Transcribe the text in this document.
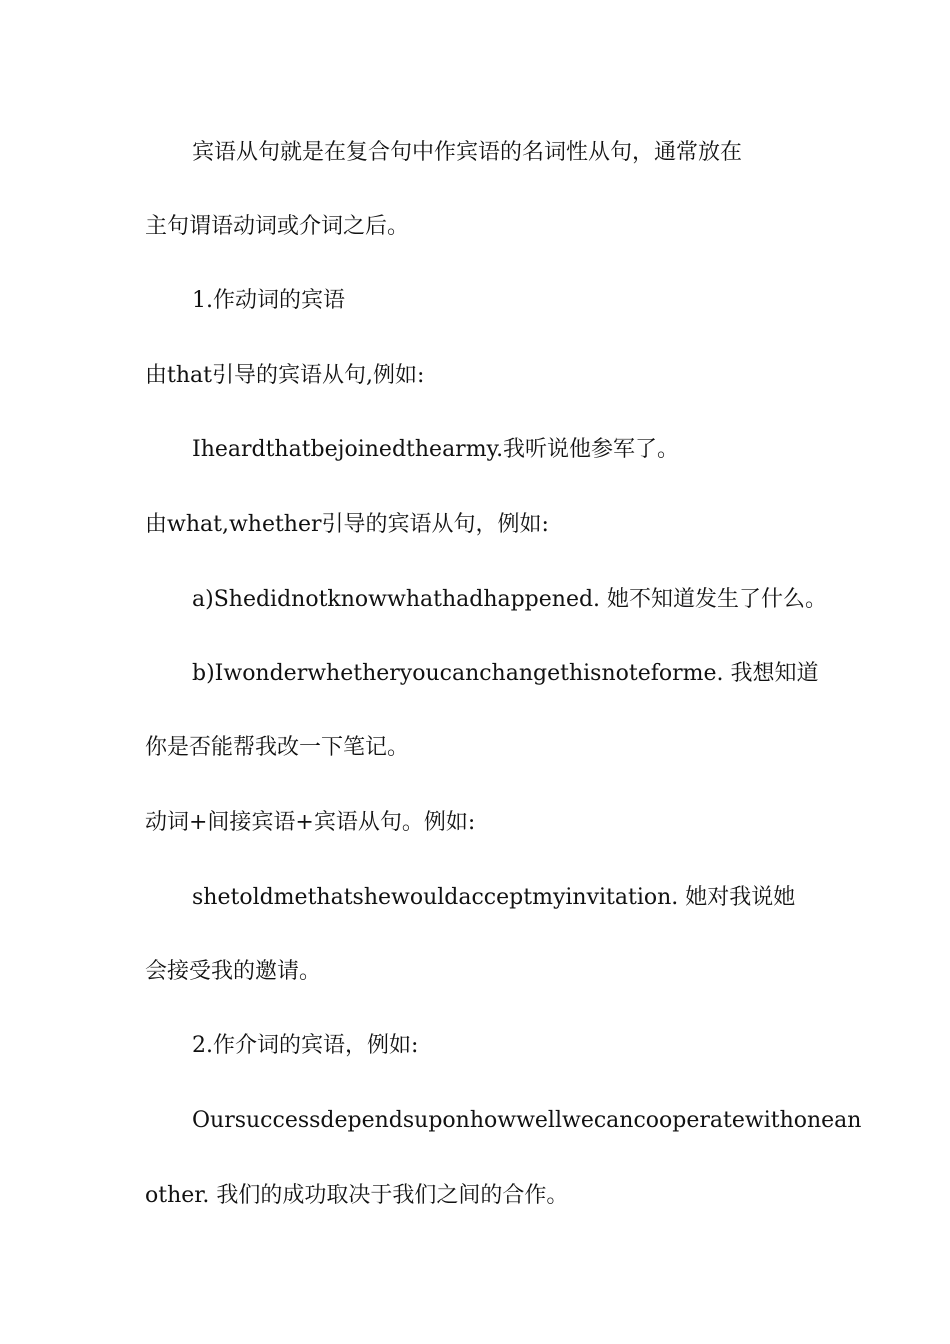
宾语从句就是在复合句中作宾语的名词性从句，通常放在
主句谓语动词或介词之后。
1.作动词的宾语
由that引导的宾语从句,例如:
Iheardthatbejoinedthearmy.我听说他参军了。
由what,whether引导的宾语从句，例如:
a)Shedidnotknowwhathadhappened. 她不知道发生了什么。
b)Iwonderwhetheryoucanchangethisnoteforme. 我想知道
你是否能帮我改一下笔记。
动词+间接宾语+宾语从句。例如:
shetoldmethatshewouldacceptmyinvitation. 她对我说她
会接受我的邀请。
2.作介词的宾语，例如:
Oursuccessdependsuponhowwellwecancooperatewithonean
other. 我们的成功取决于我们之间的合作。
